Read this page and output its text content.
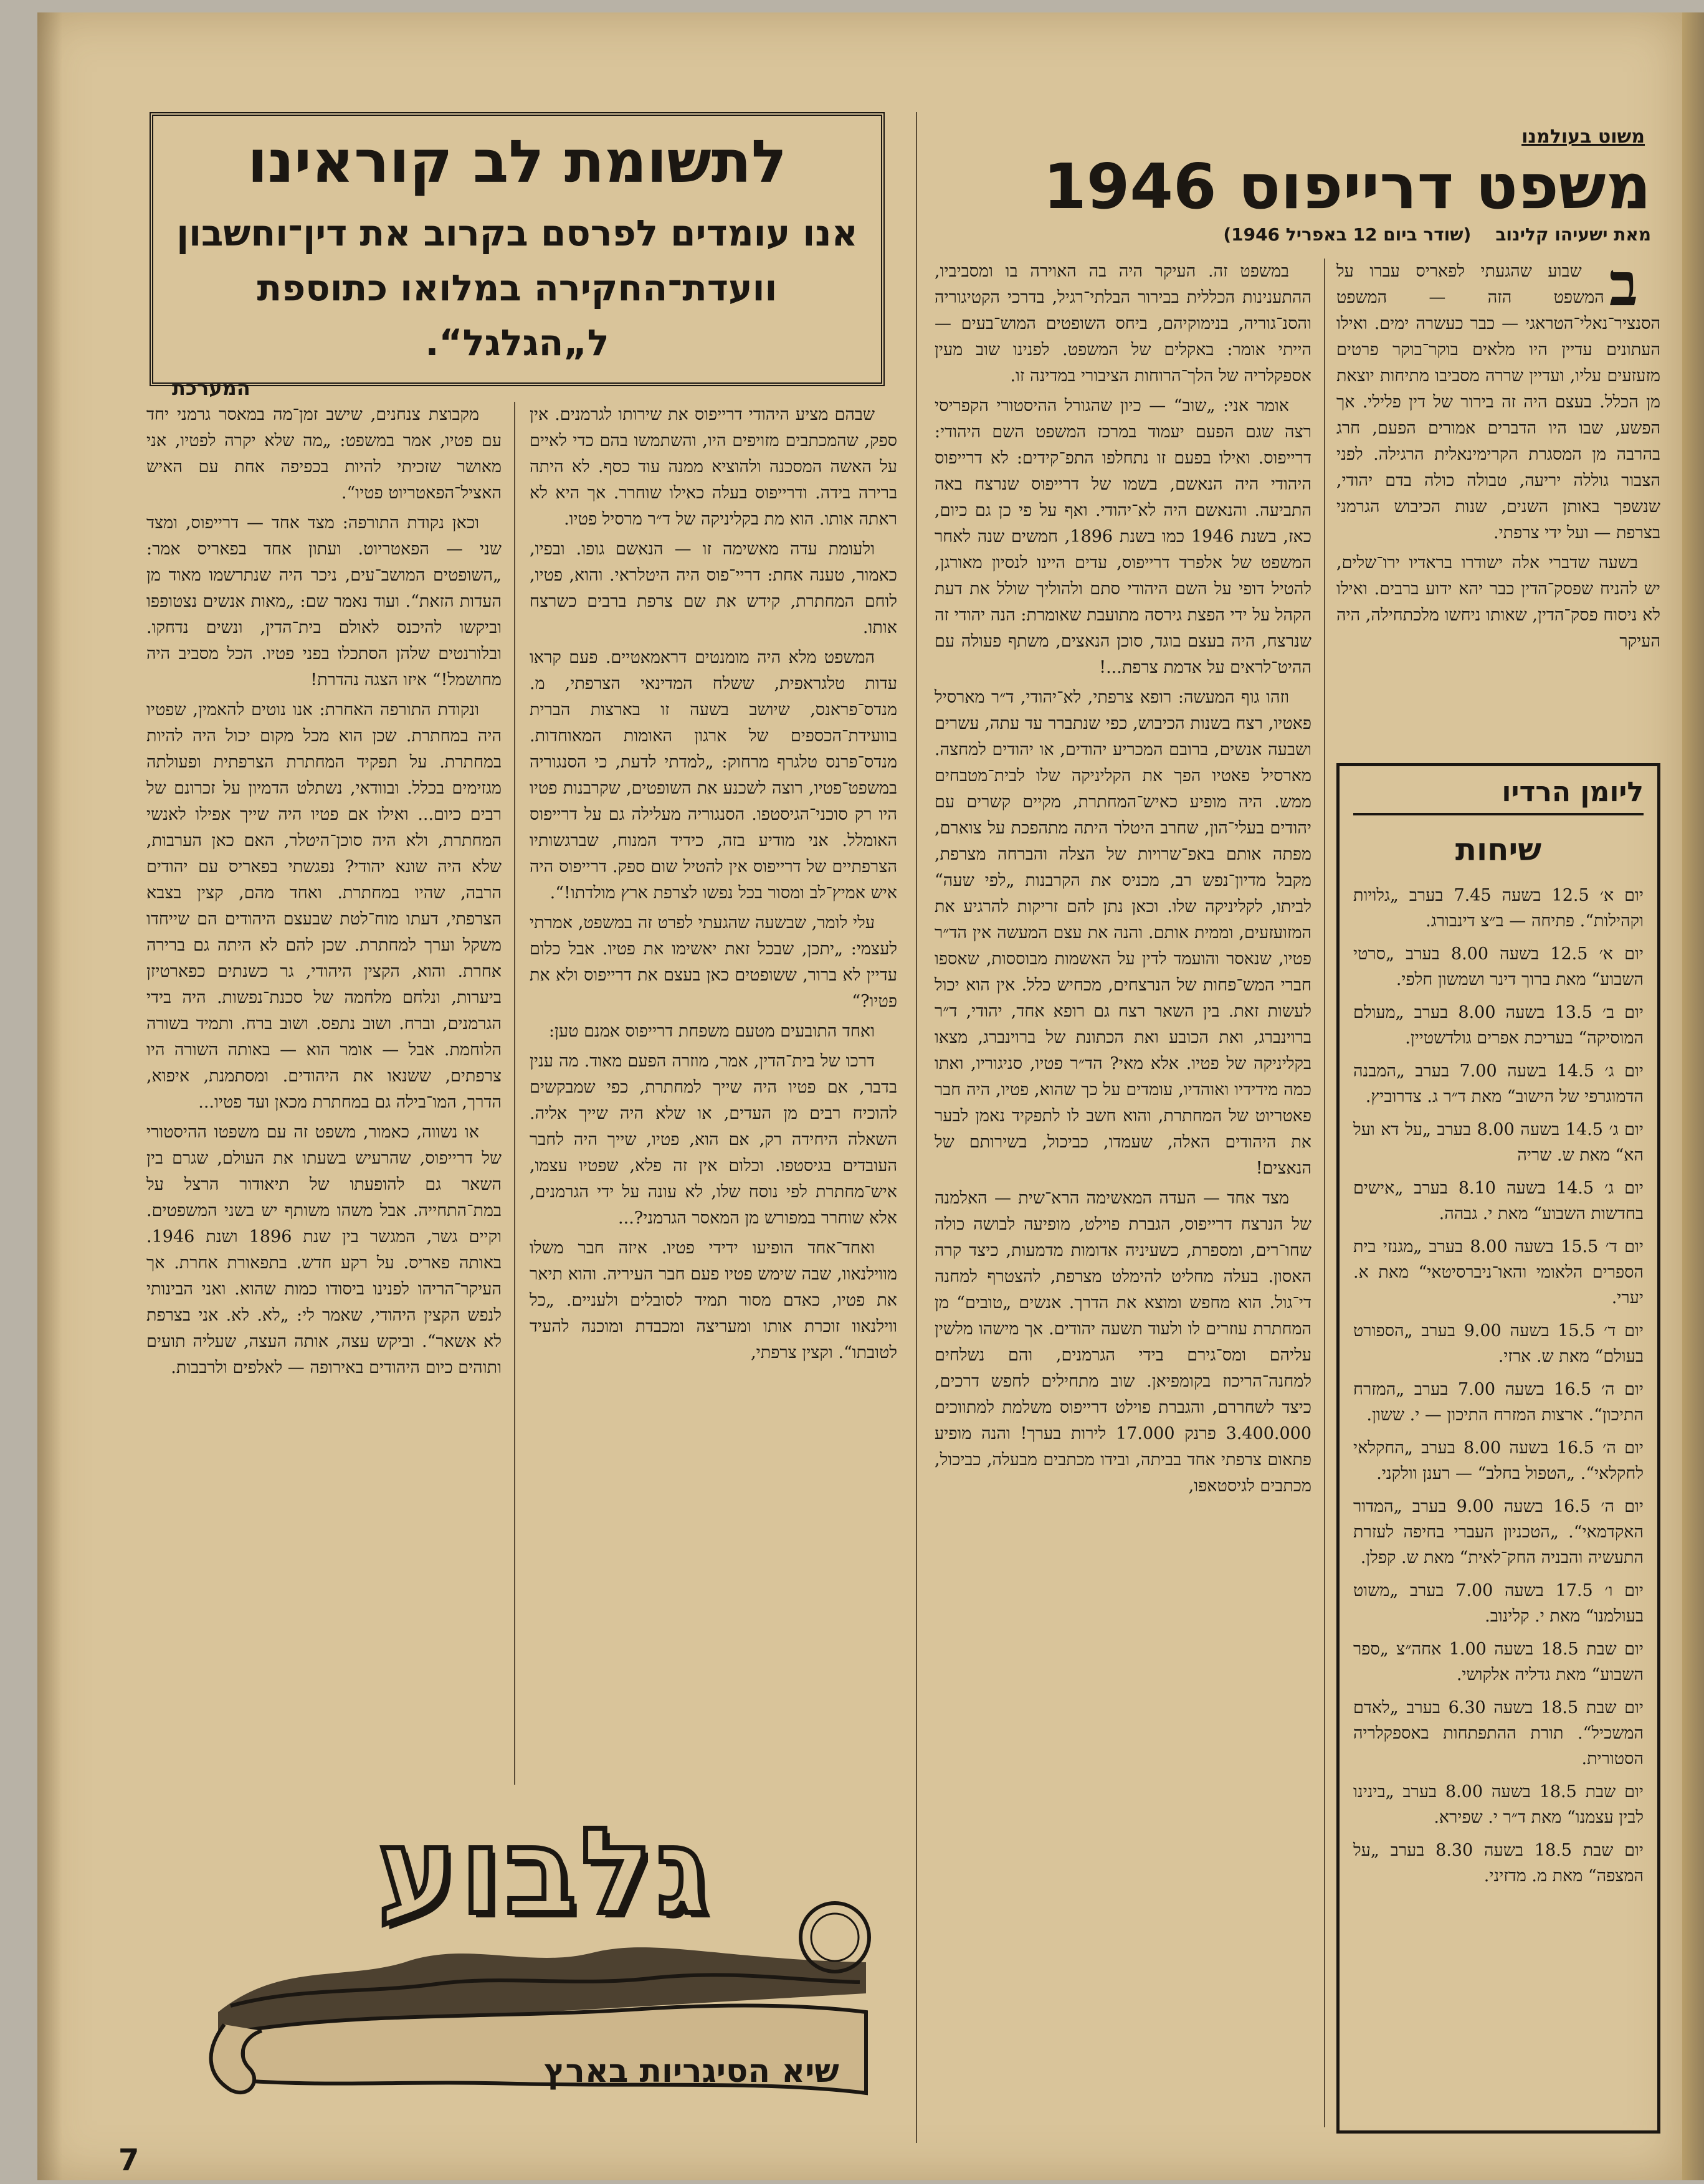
משוט בעולמנו
לתשומת לב קוראינו
אנו עומדים לפרסם בקרוב את דין־וחשבון וועדת־החקירה במלואו כתוספת ל„הגלגל“.
המערכת
משפט דרייפוס 1946
מאת ישעיהו קלינוב    (שודר ביום 12 באפריל 1946)

בשבוע שהגעתי לפאריס עברו על המשפט הזה — המשפט הסנציר־נאלי־הטראגי — כבר כעשרה ימים. ואילו העתונים עדיין היו מלאים בוקר־בוקר פרטים מזעזעים עליו, ועדיין שררה מסביבו מתיחות יוצאת מן הכלל. בעצם היה זה בירור של דין פלילי. אך הפשע, שבו היו הדברים אמורים הפעם, חרג בהרבה מן המסגרת הקרימינאלית הרגילה. לפני הצבור גוללה יריעה, טבולה כולה בדם יהודי, שנשפך באותן השנים, שנות הכיבוש הגרמני בצרפת — ועל ידי צרפתי.

בשעה שדברי אלה ישודרו בראדיו ירו־שלים, יש להניח שפסק־הדין כבר יהא ידוע ברבים. ואילו לא ניסוח פסק־הדין, שאותו ניחשו מלכתחילה, היה העיקר

במשפט זה. העיקר היה בה האוירה בו ומסביביו, ההתענינות הכללית בבירור הבלתי־רגיל, בדרכי הקטיגוריה והסנ־גוריה, בנימוקיהם, ביחס השופטים המוש־בעים — הייתי אומר: באקלים של המשפט. לפנינו שוב מעין אספקלריה של הלך־הרוחות הציבורי במדינה זו.

אומר אני: „שוב“ — כיון שהגורל ההיסטורי הקפריסי רצה שגם הפעם יעמוד במרכז המשפט השם היהודי: דרייפוס. ואילו בפעם זו נתחלפו התפ־קידים: לא דרייפוס היהודי היה הנאשם, בשמו של דרייפוס שנרצח באה התביעה. והנאשם היה לא־יהודי. ואף על פי כן גם כיום, כאז, בשנת 1946 כמו בשנת 1896, חמשים שנה לאחר המשפט של אלפרד דרייפוס, עדים היינו לנסיון מאורגן, להטיל דופי על השם היהודי סתם ולהוליך שולל את דעת הקהל על ידי הפצת גירסה מתועבת שאומרת: הנה יהודי זה שנרצח, היה בעצם בוגד, סוכן הנאצים, משתף פעולה עם ההיט־לראים על אדמת צרפת...!

וזהו גוף המעשה: רופא צרפתי, לא־יהודי, ד״ר מארסיל פאטיו, רצח בשנות הכיבוש, כפי שנתברר עד עתה, עשרים ושבעה אנשים, ברובם המכריע יהודים, או יהודים למחצה. מארסיל פאטיו הפך את הקליניקה שלו לבית־מטבחים ממש. היה מופיע כאיש־המחתרת, מקיים קשרים עם יהודים בעלי־הון, שחרב היטלר היתה מתהפכת על צוארם, מפתה אותם באפ־שרויות של הצלה והברחה מצרפת, מקבל מדיון־נפש רב, מכניס את הקרבנות „לפי שעה“ לביתו, לקליניקה שלו. וכאן נתן להם זריקות להרגיע את המזועזעים, וממית אותם. והנה את עצם המעשה אין הד״ר פטיו, שנאסר והועמד לדין על האשמות מבוססות, שאספו חברי המש־פחות של הנרצחים, מכחיש כלל. אין הוא יכול לעשות זאת. בין השאר רצח גם רופא אחד, יהודי, ד״ר ברוינברג, ואת הכובע ואת הכתונת של ברוינברג, מצאו בקליניקה של פטיו. אלא מאי? הד״ר פטיו, סניגוריו, ואתו כמה מידידיו ואוהדיו, עומדים על כך שהוא, פטיו, היה חבר פאטריוט של המחתרת, והוא חשב לו לתפקיד נאמן לבער את היהודים האלה, שעמדו, כביכול, בשירותם של הנאצים!

מצד אחד — העדה המאשימה הרא־שית — האלמנה של הנרצח דרייפוס, הגברת פוילט, מופיעה לבושה כולה שחו־רים, ומספרת, כשעיניה אדומות מדמעות, כיצד קרה האסון. בעלה מחליט להימלט מצרפת, להצטרף למחנה די־גול. הוא מחפש ומוצא את הדרך. אנשים „טובים“ מן המחתרת עוזרים לו ולעוד תשעה יהודים. אך מישהו מלשין עליהם ומס־גירם בידי הגרמנים, והם נשלחים למחנה־הריכוז בקומפיאן. שוב מתחילים לחפש דרכים, כיצד לשחררם, והגברת פוילט דרייפוס משלמת למתווכים 3.400.000 פרנק 17.000 לירות בערך! והנה מופיע פתאום צרפתי אחד בביתה, ובידו מכתבים מבעלה, כביכול, מכתבים לגיסטאפו,

שבהם מציע היהודי דרייפוס את שירותו לגרמנים. אין ספק, שהמכתבים מזויפים היו, והשתמשו בהם כדי לאיים על האשה המסכנה ולהוציא ממנה עוד כסף. לא היתה ברירה בידה. ודרייפוס בעלה כאילו שוחרר. אך היא לא ראתה אותו. הוא מת בקליניקה של ד״ר מרסיל פטיו.

ולעומת עדה מאשימה זו — הנאשם גופו. ובפיו, כאמור, טענה אחת: דריי־פוס היה היטלראי. והוא, פטיו, לוחם המחתרת, קידש את שם צרפת ברבים כשרצח אותו.

המשפט מלא היה מומנטים דראמאטיים. פעם קראו עדות טלגראפית, ששלח המדינאי הצרפתי, מ. מנדס־פראנס, שיושב בשעה זו בארצות הברית בוועידת־הכספים של ארגון האומות המאוחדות. מנדס־פרנס טלגרף מרחוק: „למדתי לדעת, כי הסנגוריה במשפט־פטיו, רוצה לשכנע את השופטים, שקרבנות פטיו היו רק סוכני־הגיסטפו. הסנגוריה מעלילה גם על דרייפוס האומלל. אני מודיע בזה, כידיד המנוח, שברגשותיו הצרפתיים של דרייפוס אין להטיל שום ספק. דרייפוס היה איש אמיץ־לב ומסור בכל נפשו לצרפת ארץ מולדתו!“.

עלי לומר, שבשעה שהגעתי לפרט זה במשפט, אמרתי לעצמי: „יתכן, שבכל זאת יאשימו את פטיו. אבל כלום עדיין לא ברור, ששופטים כאן בעצם את דרייפוס ולא את פטיו?“

ואחד התובעים מטעם משפחת דרייפוס אמנם טען:

דרכו של בית־הדין, אמר, מוזרה הפעם מאוד. מה ענין בדבר, אם פטיו היה שייך למחתרת, כפי שמבקשים להוכיח רבים מן העדים, או שלא היה שייך אליה. השאלה היחידה רק, אם הוא, פטיו, שייך היה לחבר העובדים בגיסטפו. וכלום אין זה פלא, שפטיו עצמו, איש־מחתרת לפי נוסח שלו, לא עונה על ידי הגרמנים, אלא שוחרר במפורש מן המאסר הגרמני?...

ואחד־אחד הופיעו ידידי פטיו. איזה חבר משלו מווילנאוו, שבה שימש פטיו פעם חבר העיריה. והוא תיאר את פטיו, כאדם מסור תמיד לסובלים ולעניים. „כל ווילנאוו זוכרת אותו ומעריצה ומכבדת ומוכנה להעיד לטובתו“. וקצין צרפתי,

מקבוצת צנחנים, שישב זמן־מה במאסר גרמני יחד עם פטיו, אמר במשפט: „מה שלא יקרה לפטיו, אני מאושר שזכיתי להיות בכפיפה אחת עם האיש האציל־הפאטריוט פטיו“.

וכאן נקודת התורפה: מצד אחד — דרייפוס, ומצד שני — הפאטריוט. ועתון אחד בפאריס אמר: „השופטים המושב־עים, ניכר היה שנתרשמו מאוד מן העדות הזאת“. ועוד נאמר שם: „מאות אנשים נצטופפו וביקשו להיכנס לאולם בית־הדין, ונשים נדחקו. ובלורנטים שלהן הסתכלו בפני פטיו. הכל מסביב היה מחושמל!“ איזו הצגה נהדרת!

ונקודת התורפה האחרת: אנו נוטים להאמין, שפטיו היה במחתרת. שכן הוא מכל מקום יכול היה להיות במחתרת. על תפקיד המחתרת הצרפתית ופעולתה מגזימים בכלל. ובוודאי, נשתלט הדמיון על זכרונם של רבים כיום... ואילו אם פטיו היה שייך אפילו לאנשי המחתרת, ולא היה סוכן־היטלר, האם כאן הערבות, שלא היה שונא יהודי? נפגשתי בפאריס עם יהודים הרבה, שהיו במחתרת. ואחד מהם, קצין בצבא הצרפתי, דעתו מוח־לטת שבעצם היהודים הם שייחדו משקל וערך למחתרת. שכן להם לא היתה גם ברירה אחרת. והוא, הקצין היהודי, גר כשנתים כפארטיזן ביערות, ונלחם מלחמה של סכנת־נפשות. היה בידי הגרמנים, וברח. ושוב נתפס. ושוב ברח. ותמיד בשורה הלוחמת. אבל — אומר הוא — באותה השורה היו צרפתים, ששנאו את היהודים. ומסתמנת, איפוא, הדרך, המו־בילה גם במחתרת מכאן ועד פטיו...

או נשווה, כאמור, משפט זה עם משפטו ההיסטורי של דרייפוס, שהרעיש בשעתו את העולם, שגרם בין השאר גם להופעתו של תיאודור הרצל על במת־התחייה. אבל משהו משותף יש בשני המשפטים. וקיים גשר, המגשר בין שנת 1896 ושנת 1946. באותה פאריס. על רקע חדש. בתפאורת אחרת. אך העיקר־הריהו לפנינו ביסודו כמות שהוא. ואני הבינותי לנפש הקצין היהודי, שאמר לי: „לא. לא. אני בצרפת לא אשאר“. וביקש עצה, אותה העצה, שעליה תועים ותוהים כיום היהודים באירופה — לאלפים ולרבבות.

ליומן הרדיו
שיחות
יום א׳ 12.5 בשעה 7.45 בערב „גלויות וקהילות“. פתיחה — ב״צ דינבורג.
יום א׳ 12.5 בשעה 8.00 בערב „סרטי השבוע“ מאת ברוך דינר ושמשון חלפי.
יום ב׳ 13.5 בשעה 8.00 בערב „מעולם המוסיקה“ בעריכת אפרים גולדשטיין.
יום ג׳ 14.5 בשעה 7.00 בערב „המבנה הדמוגרפי של הישוב“ מאת ד״ר ג. צדרוביץ.
יום ג׳ 14.5 בשעה 8.00 בערב „על דא ועל הא“ מאת ש. שריה
יום ג׳ 14.5 בשעה 8.10 בערב „אישים בחדשות השבוע“ מאת י. גבהה.
יום ד׳ 15.5 בשעה 8.00 בערב „מגנזי בית הספרים הלאומי והאו־ניברסיטאי“ מאת א. יערי.
יום ד׳ 15.5 בשעה 9.00 בערב „הספורט בעולם“ מאת ש. ארזי.
יום ה׳ 16.5 בשעה 7.00 בערב „המזרח התיכון“. ארצות המזרח התיכון — י. ששון.
יום ה׳ 16.5 בשעה 8.00 בערב „החקלאי לחקלאי“. „הטפול בחלב“ — רענן וולקני.
יום ה׳ 16.5 בשעה 9.00 בערב „המדור האקדמאי“. „הטכניון העברי בחיפה לעזרת התעשיה והבניה החק־לאית“ מאת ש. קפלן.
יום ו׳ 17.5 בשעה 7.00 בערב „משוט בעולמנו“ מאת י. קלינוב.
יום שבת 18.5 בשעה 1.00 אחה״צ „ספר השבוע“ מאת גדליה אלקושי.
יום שבת 18.5 בשעה 6.30 בערב „לאדם המשכיל“. תורת ההתפתחות באספקלריה הסטורית.
יום שבת 18.5 בשעה 8.00 בערב „בינינו לבין עצמנו“ מאת ד״ר י. שפירא.
יום שבת 18.5 בשעה 8.30 בערב „על המצפה“ מאת מ. מדזיני.
גלבוע
שיא הסיגריות בארץ
7
